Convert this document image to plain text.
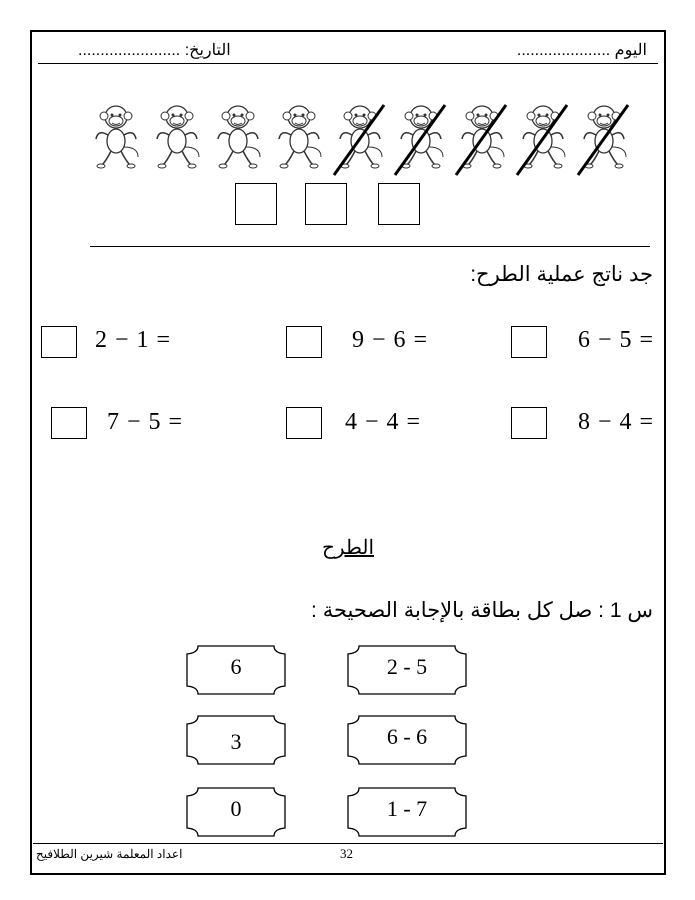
اليوم .....................
التاريخ: .......................
جد ناتج عملية الطرح:
6 − 5 =
9 − 6 =
2 − 1 =
8 − 4 =
4 − 4 =
7 − 5 =
الطرح
س 1 : صل كل بطاقة بالإجابة الصحيحة :
2 - 5
6 - 6
1 - 7
6
3
0
اعداد المعلمة شيرين الطلافيح	32
